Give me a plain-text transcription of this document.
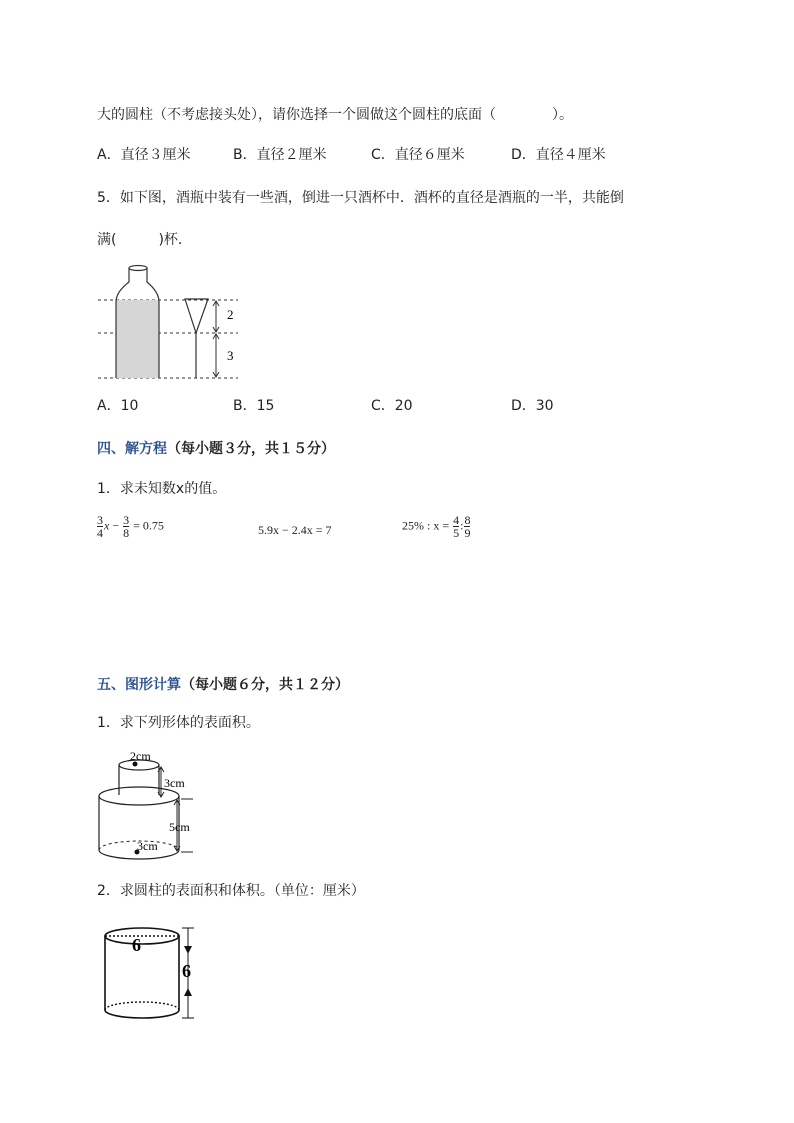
大的圆柱（不考虑接头处），请你选择一个圆做这个圆柱的底面（　　　　）。
A．直径３厘米	B．直径２厘米	C．直径６厘米	D．直径４厘米
5．如下图，酒瓶中装有一些酒，倒进一只酒杯中．酒杯的直径是酒瓶的一半，共能倒
满(　　　)杯．
2
3
A．10	B．15	C．20	D．30
四、解方程（每小题３分，共１５分）
1．求未知数x的值。
$\frac{3}{4}$ $x - \frac{3}{8} = 0.75$	5.9x − 2.4x = 7	25% : $x = \frac{4}{5}$ : $\frac{8}{9}$
五、图形计算（每小题６分，共１２分）
1．求下列形体的表面积。
2cm
3cm
3cm
5cm
2．求圆柱的表面积和体积。（单位：厘米）
6
6
